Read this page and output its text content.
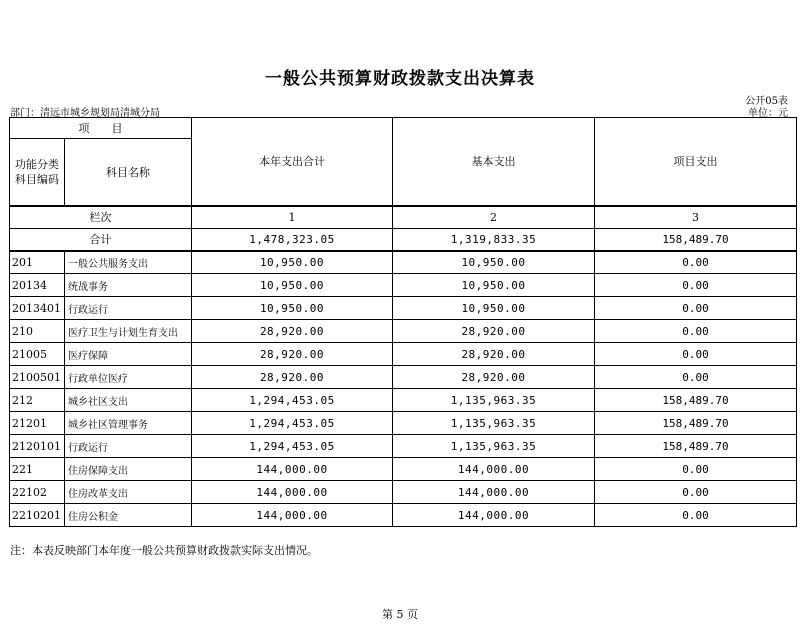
一般公共预算财政拨款支出决算表
公开05表
部门：清远市城乡规划局清城分局	单位：元
项　　目		本年支出合计	基本支出	项目支出
功能分类科目编码	科目名称			
栏次		1	2	3
合计		1,478,323.05	1,319,833.35	158,489.70
201	一般公共服务支出	10,950.00	10,950.00	0.00
20134	统战事务	10,950.00	10,950.00	0.00
2013401	行政运行	10,950.00	10,950.00	0.00
210	医疗卫生与计划生育支出	28,920.00	28,920.00	0.00
21005	医疗保障	28,920.00	28,920.00	0.00
2100501	行政单位医疗	28,920.00	28,920.00	0.00
212	城乡社区支出	1,294,453.05	1,135,963.35	158,489.70
21201	城乡社区管理事务	1,294,453.05	1,135,963.35	158,489.70
2120101	行政运行	1,294,453.05	1,135,963.35	158,489.70
221	住房保障支出	144,000.00	144,000.00	0.00
22102	住房改革支出	144,000.00	144,000.00	0.00
2210201	住房公积金	144,000.00	144,000.00	0.00
注：本表反映部门本年度一般公共预算财政拨款实际支出情况。
第 5 页
